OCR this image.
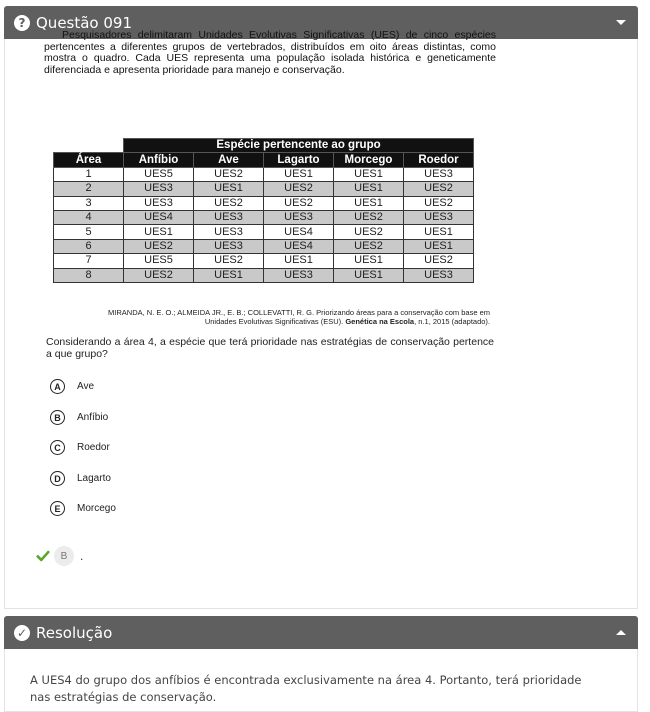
? Questão 091

Pesquisadores delimitaram Unidades Evolutivas Significativas (UES) de cinco espécies pertencentes a diferentes grupos de vertebrados, distribuídos em oito áreas distintas, como mostra o quadro. Cada UES representa uma população isolada histórica e geneticamente diferenciada e apresenta prioridade para manejo e conservação.

	Espécie pertencente ao grupo				
Área	Anfíbio	Ave	Lagarto	Morcego	Roedor
1	UES5	UES2	UES1	UES1	UES3
2	UES3	UES1	UES2	UES1	UES2
3	UES3	UES2	UES2	UES1	UES2
4	UES4	UES3	UES3	UES2	UES3
5	UES1	UES3	UES4	UES2	UES1
6	UES2	UES3	UES4	UES2	UES1
7	UES5	UES2	UES1	UES1	UES2
8	UES2	UES1	UES3	UES1	UES3
MIRANDA, N. E. O.; ALMEIDA JR., E. B.; COLLEVATTI, R. G. Priorizando áreas para a conservação com base em
Unidades Evolutivas Significativas (ESU). Genética na Escola, n.1, 2015 (adaptado).

Considerando a área 4, a espécie que terá prioridade nas estratégias de conservação pertence a que grupo?

A	Ave
B	Anfíbio
C	Roedor
D	Lagarto
E	Morcego
B	.
✓ Resolução

A UES4 do grupo dos anfíbios é encontrada exclusivamente na área 4. Portanto, terá prioridade nas estratégias de conservação.
